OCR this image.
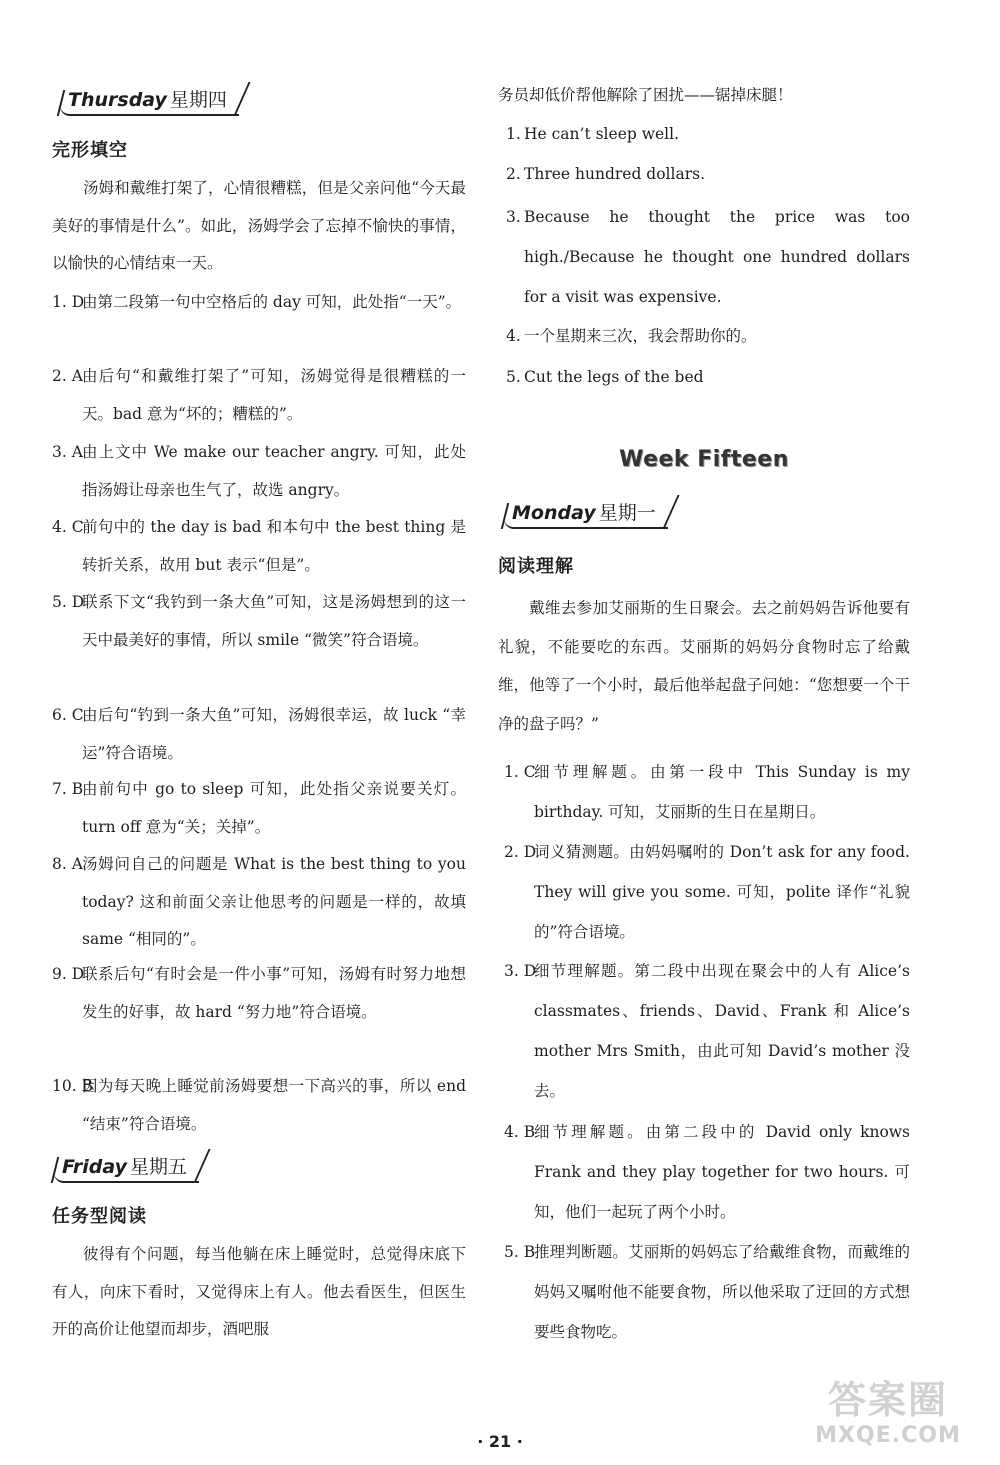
Thursday 星期四
完形填空

汤姆和戴维打架了，心情很糟糕，但是父亲问他“今天最美好的事情是什么”。如此，汤姆学会了忘掉不愉快的事情，以愉快的心情结束一天。

1. D
由第二段第一句中空格后的 day 可知，此处指“一天”。
2. A 由后句“和戴维打架了”可知，汤姆觉得是很糟糕的一天。bad 意为“坏的；糟糕的”。
3. A 由上文中 We make our teacher angry. 可知，此处指汤姆让母亲也生气了，故选 angry。
4. C
前句中的 the day is bad 和本句中 the best thing 是转折关系，故用 but 表示“但是”。
5. D
联系下文“我钓到一条大鱼”可知，这是汤姆想到的这一天中最美好的事情，所以 smile “微笑”符合语境。
6. C
由后句“钓到一条大鱼”可知，汤姆很幸运，故 luck “幸运”符合语境。
7. B
由前句中 go to sleep 可知，此处指父亲说要关灯。turn off 意为“关；关掉”。
8. A 汤姆问自己的问题是 What is the best thing to you today? 这和前面父亲让他思考的问题是一样的，故填 same “相同的”。
9. D
联系后句“有时会是一件小事”可知，汤姆有时努力地想发生的好事，故 hard “努力地”符合语境。
10. B
因为每天晚上睡觉前汤姆要想一下高兴的事，所以 end “结束”符合语境。
Friday 星期五
任务型阅读

彼得有个问题，每当他躺在床上睡觉时，总觉得床底下有人，向床下看时，又觉得床上有人。他去看医生，但医生开的高价让他望而却步，酒吧服

务员却低价帮他解除了困扰——锯掉床腿！

1. He can’t sleep well.
2. Three hundred dollars.
3. Because he thought the price was too high./Because he thought one hundred dollars for a visit was expensive.
4. 一个星期来三次，我会帮助你的。
5. Cut the legs of the bed
Week Fifteen
Monday 星期一
阅读理解

戴维去参加艾丽斯的生日聚会。去之前妈妈告诉他要有礼貌，不能要吃的东西。艾丽斯的妈妈分食物时忘了给戴维，他等了一个小时，最后他举起盘子问她：“您想要一个干净的盘子吗？”

1. C
细节理解题。由第一段中 This Sunday is my birthday. 可知，艾丽斯的生日在星期日。
2. D
词义猜测题。由妈妈嘱咐的 Don’t ask for any food. They will give you some. 可知，polite 译作“礼貌的”符合语境。
3. D
细节理解题。第二段中出现在聚会中的人有 Alice’s classmates、friends、David、Frank 和 Alice’s mother Mrs Smith，由此可知 David’s mother 没去。
4. B
细节理解题。由第二段中的 David only knows Frank and they play together for two hours. 可知，他们一起玩了两个小时。
5. B
推理判断题。艾丽斯的妈妈忘了给戴维食物，而戴维的妈妈又嘱咐他不能要食物，所以他采取了迂回的方式想要些食物吃。
· 21 ·
答案圈
MXQE.COM
